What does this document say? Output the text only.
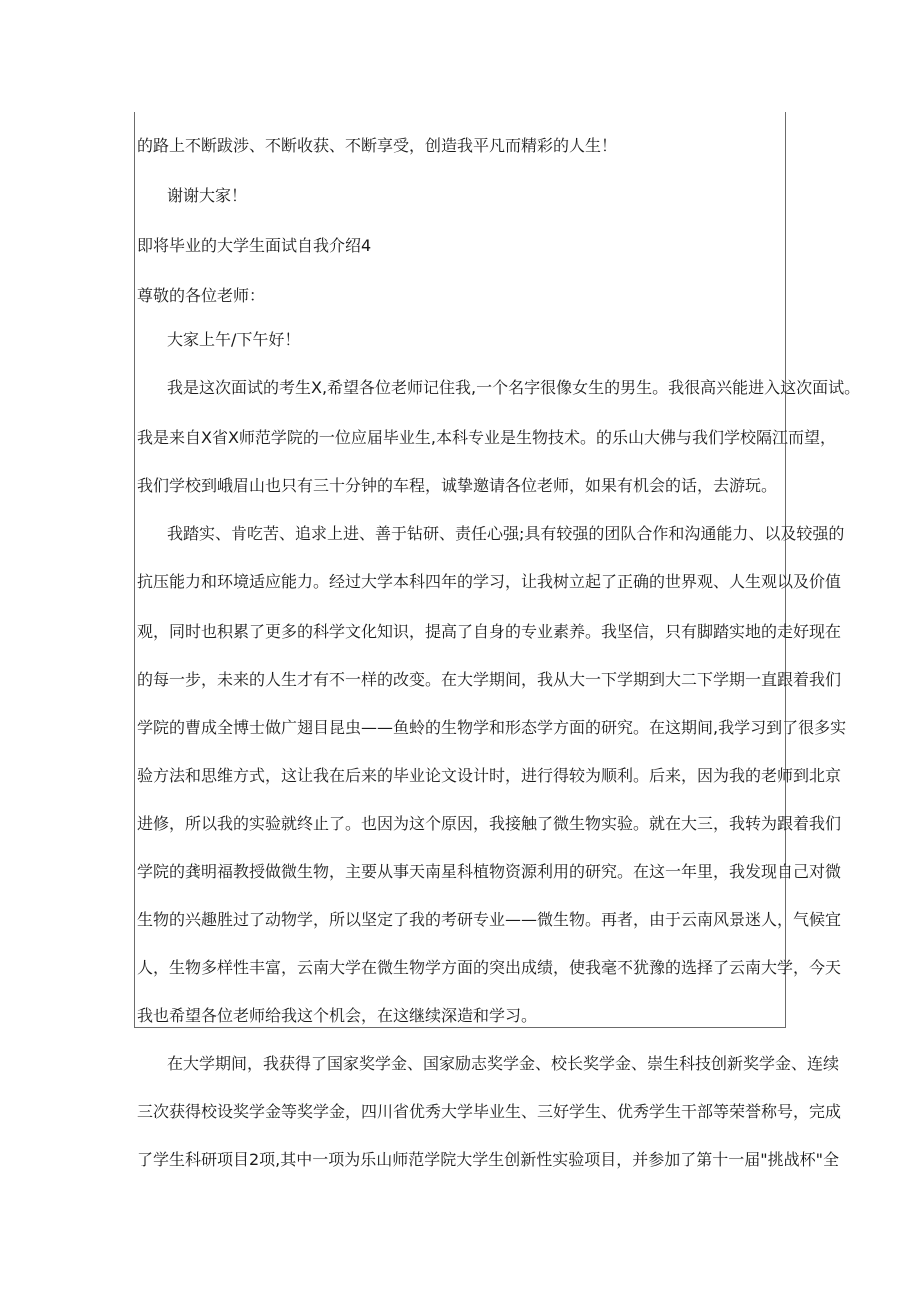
的路上不断跋涉、不断收获、不断享受，创造我平凡而精彩的人生！
谢谢大家！
即将毕业的大学生面试自我介绍4
尊敬的各位老师：
大家上午/下午好！
我是这次面试的考生X,希望各位老师记住我,一个名字很像女生的男生。我很高兴能进入这次面试。
我是来自X省X师范学院的一位应届毕业生,本科专业是生物技术。的乐山大佛与我们学校隔江而望，
我们学校到峨眉山也只有三十分钟的车程，诚挚邀请各位老师，如果有机会的话，去游玩。
我踏实、肯吃苦、追求上进、善于钻研、责任心强;具有较强的团队合作和沟通能力、以及较强的
抗压能力和环境适应能力。经过大学本科四年的学习，让我树立起了正确的世界观、人生观以及价值
观，同时也积累了更多的科学文化知识，提高了自身的专业素养。我坚信，只有脚踏实地的走好现在
的每一步，未来的人生才有不一样的改变。在大学期间，我从大一下学期到大二下学期一直跟着我们
学院的曹成全博士做广翅目昆虫——鱼蛉的生物学和形态学方面的研究。在这期间,我学习到了很多实
验方法和思维方式，这让我在后来的毕业论文设计时，进行得较为顺利。后来，因为我的老师到北京
进修，所以我的实验就终止了。也因为这个原因，我接触了微生物实验。就在大三，我转为跟着我们
学院的龚明福教授做微生物，主要从事天南星科植物资源利用的研究。在这一年里，我发现自己对微
生物的兴趣胜过了动物学，所以坚定了我的考研专业——微生物。再者，由于云南风景迷人，气候宜
人，生物多样性丰富，云南大学在微生物学方面的突出成绩，使我毫不犹豫的选择了云南大学，今天
我也希望各位老师给我这个机会，在这继续深造和学习。
在大学期间，我获得了国家奖学金、国家励志奖学金、校长奖学金、崇生科技创新奖学金、连续
三次获得校设奖学金等奖学金，四川省优秀大学毕业生、三好学生、优秀学生干部等荣誉称号，完成
了学生科研项目2项,其中一项为乐山师范学院大学生创新性实验项目，并参加了第十一届"挑战杯"全
